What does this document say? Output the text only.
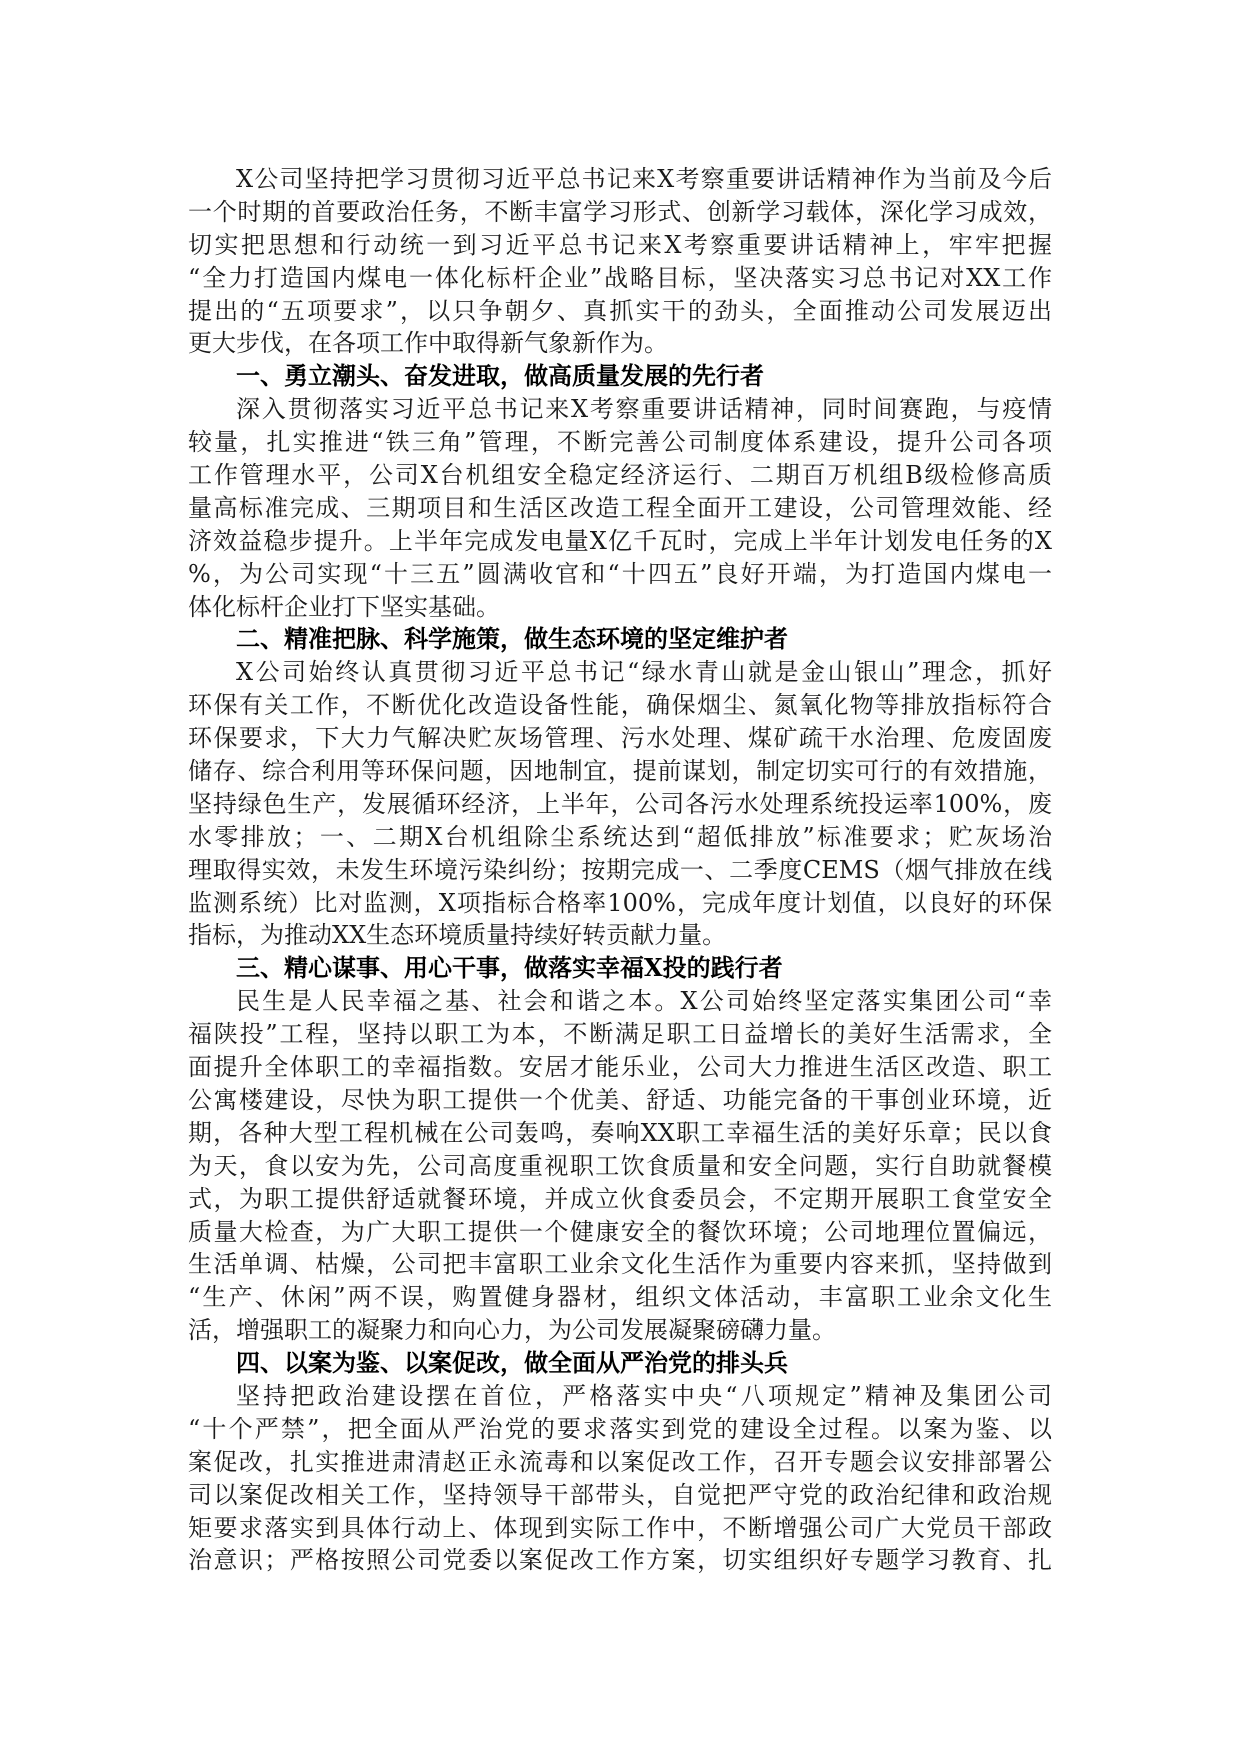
X公司坚持把学习贯彻习近平总书记来X考察重要讲话精神作为当前及今后
一个时期的首要政治任务，不断丰富学习形式、创新学习载体，深化学习成效，
切实把思想和行动统一到习近平总书记来X考察重要讲话精神上，牢牢把握
“全力打造国内煤电一体化标杆企业”战略目标，坚决落实习总书记对XX工作
提出的“五项要求”，以只争朝夕、真抓实干的劲头，全面推动公司发展迈出
更大步伐，在各项工作中取得新气象新作为。
一、勇立潮头、奋发进取，做高质量发展的先行者
深入贯彻落实习近平总书记来X考察重要讲话精神，同时间赛跑，与疫情
较量，扎实推进“铁三角”管理，不断完善公司制度体系建设，提升公司各项
工作管理水平，公司X台机组安全稳定经济运行、二期百万机组B级检修高质
量高标准完成、三期项目和生活区改造工程全面开工建设，公司管理效能、经
济效益稳步提升。上半年完成发电量X亿千瓦时，完成上半年计划发电任务的X
%，为公司实现“十三五”圆满收官和“十四五”良好开端，为打造国内煤电一
体化标杆企业打下坚实基础。
二、精准把脉、科学施策，做生态环境的坚定维护者
X公司始终认真贯彻习近平总书记“绿水青山就是金山银山”理念，抓好
环保有关工作，不断优化改造设备性能，确保烟尘、氮氧化物等排放指标符合
环保要求，下大力气解决贮灰场管理、污水处理、煤矿疏干水治理、危废固废
储存、综合利用等环保问题，因地制宜，提前谋划，制定切实可行的有效措施，
坚持绿色生产，发展循环经济，上半年，公司各污水处理系统投运率100%，废
水零排放；一、二期X台机组除尘系统达到“超低排放”标准要求；贮灰场治
理取得实效，未发生环境污染纠纷；按期完成一、二季度CEMS（烟气排放在线
监测系统）比对监测，X项指标合格率100%，完成年度计划值，以良好的环保
指标，为推动XX生态环境质量持续好转贡献力量。
三、精心谋事、用心干事，做落实幸福X投的践行者
民生是人民幸福之基、社会和谐之本。X公司始终坚定落实集团公司“幸
福陕投”工程，坚持以职工为本，不断满足职工日益增长的美好生活需求，全
面提升全体职工的幸福指数。安居才能乐业，公司大力推进生活区改造、职工
公寓楼建设，尽快为职工提供一个优美、舒适、功能完备的干事创业环境，近
期，各种大型工程机械在公司轰鸣，奏响XX职工幸福生活的美好乐章；民以食
为天，食以安为先，公司高度重视职工饮食质量和安全问题，实行自助就餐模
式，为职工提供舒适就餐环境，并成立伙食委员会，不定期开展职工食堂安全
质量大检查，为广大职工提供一个健康安全的餐饮环境；公司地理位置偏远，
生活单调、枯燥，公司把丰富职工业余文化生活作为重要内容来抓，坚持做到
“生产、休闲”两不误，购置健身器材，组织文体活动，丰富职工业余文化生
活，增强职工的凝聚力和向心力，为公司发展凝聚磅礴力量。
四、以案为鉴、以案促改，做全面从严治党的排头兵
坚持把政治建设摆在首位，严格落实中央“八项规定”精神及集团公司
“十个严禁”，把全面从严治党的要求落实到党的建设全过程。以案为鉴、以
案促改，扎实推进肃清赵正永流毒和以案促改工作，召开专题会议安排部署公
司以案促改相关工作，坚持领导干部带头，自觉把严守党的政治纪律和政治规
矩要求落实到具体行动上、体现到实际工作中，不断增强公司广大党员干部政
治意识；严格按照公司党委以案促改工作方案，切实组织好专题学习教育、扎
